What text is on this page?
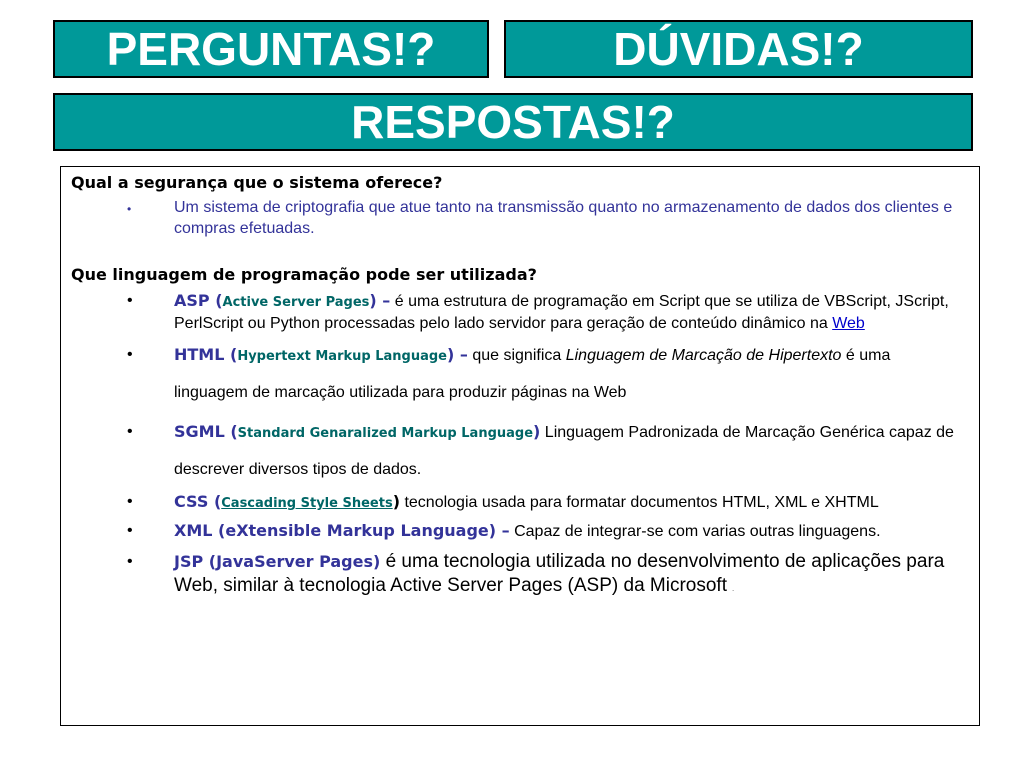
PERGUNTAS!?	DÚVIDAS!?
RESPOSTAS!?

Qual a segurança que o sistema oferece?

•	Um sistema de criptografia que atue tanto na transmissão quanto no armazenamento de dados dos clientes e compras efetuadas.

Que linguagem de programação pode ser utilizada?

•	ASP (Active Server Pages) – é uma estrutura de programação em Script que se utiliza de VBScript, JScript, PerlScript ou Python processadas pelo lado servidor para geração de conteúdo dinâmico na Web
•	HTML (Hypertext Markup Language) – que significa Linguagem de Marcação de Hipertexto é uma linguagem de marcação utilizada para produzir páginas na Web
•	SGML (Standard Genaralized Markup Language) Linguagem Padronizada de Marcação Genérica capaz de descrever diversos tipos de dados.
•	CSS (Cascading Style Sheets) tecnologia usada para formatar documentos HTML, XML e XHTML
•	XML (eXtensible Markup Language) – Capaz de integrar-se com varias outras linguagens.
•	JSP (JavaServer Pages) é uma tecnologia utilizada no desenvolvimento de aplicações para Web, similar à tecnologia Active Server Pages (ASP) da Microsoft .
